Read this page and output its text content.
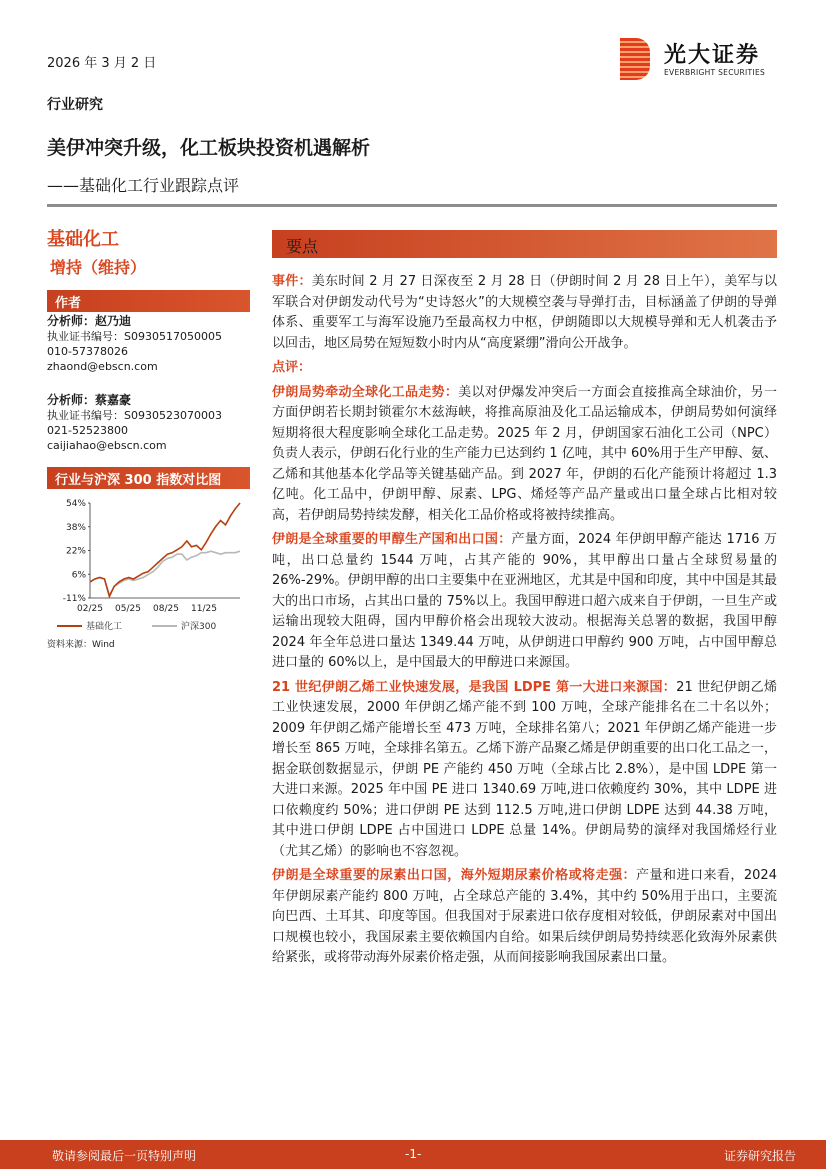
2026 年 3 月 2 日	光大证券
EVERBRIGHT SECURITIES
行业研究
美伊冲突升级，化工板块投资机遇解析
——基础化工行业跟踪点评
基础化工
增持（维持）
作者
分析师：赵乃迪
执业证书编号：S0930517050005
010-57378026
zhaond@ebscn.com
分析师：蔡嘉豪
执业证书编号：S0930523070003
021-52523800
caijiahao@ebscn.com
行业与沪深 300 指数对比图
54%
38%
22%
6%
-11%
02/25 05/25 08/25 11/25
基础化工	沪深300
资料来源：Wind
要点

事件：美东时间 2 月 27 日深夜至 2 月 28 日（伊朗时间 2 月 28 日上午），美军与以军联合对伊朗发动代号为“史诗怒火”的大规模空袭与导弹打击，目标涵盖了伊朗的导弹体系、重要军工与海军设施乃至最高权力中枢，伊朗随即以大规模导弹和无人机袭击予以回击，地区局势在短短数小时内从“高度紧绷”滑向公开战争。

点评：

伊朗局势牵动全球化工品走势：美以对伊爆发冲突后一方面会直接推高全球油价，另一方面伊朗若长期封锁霍尔木兹海峡，将推高原油及化工品运输成本，伊朗局势如何演绎短期将很大程度影响全球化工品走势。2025 年 2 月，伊朗国家石油化工公司（NPC）负责人表示，伊朗石化行业的生产能力已达到约 1 亿吨，其中 60%用于生产甲醇、氨、乙烯和其他基本化学品等关键基础产品。到 2027 年，伊朗的石化产能预计将超过 1.3 亿吨。化工品中，伊朗甲醇、尿素、LPG、烯烃等产品产量或出口量全球占比相对较高，若伊朗局势持续发酵，相关化工品价格或将被持续推高。

伊朗是全球重要的甲醇生产国和出口国：产量方面，2024 年伊朗甲醇产能达 1716 万吨，出口总量约 1544 万吨，占其产能的 90%，其甲醇出口量占全球贸易量的 26%-29%。伊朗甲醇的出口主要集中在亚洲地区，尤其是中国和印度，其中中国是其最大的出口市场，占其出口量的 75%以上。我国甲醇进口超六成来自于伊朗，一旦生产或运输出现较大阻碍，国内甲醇价格会出现较大波动。根据海关总署的数据，我国甲醇 2024 年全年总进口量达 1349.44 万吨，从伊朗进口甲醇约 900 万吨，占中国甲醇总进口量的 60%以上，是中国最大的甲醇进口来源国。

21 世纪伊朗乙烯工业快速发展，是我国 LDPE 第一大进口来源国：21 世纪伊朗乙烯工业快速发展，2000 年伊朗乙烯产能不到 100 万吨，全球产能排名在二十名以外；2009 年伊朗乙烯产能增长至 473 万吨，全球排名第八；2021 年伊朗乙烯产能进一步增长至 865 万吨，全球排名第五。乙烯下游产品聚乙烯是伊朗重要的出口化工品之一，据金联创数据显示，伊朗 PE 产能约 450 万吨（全球占比 2.8%），是中国 LDPE 第一大进口来源。2025 年中国 PE 进口 1340.69 万吨,进口依赖度约 30%，其中 LDPE 进口依赖度约 50%；进口伊朗 PE 达到 112.5 万吨,进口伊朗 LDPE 达到 44.38 万吨，其中进口伊朗 LDPE 占中国进口 LDPE 总量 14%。伊朗局势的演绎对我国烯烃行业（尤其乙烯）的影响也不容忽视。

伊朗是全球重要的尿素出口国，海外短期尿素价格或将走强：产量和进口来看，2024 年伊朗尿素产能约 800 万吨，占全球总产能的 3.4%，其中约 50%用于出口，主要流向巴西、土耳其、印度等国。但我国对于尿素进口依存度相对较低，伊朗尿素对中国出口规模也较小，我国尿素主要依赖国内自给。如果后续伊朗局势持续恶化致海外尿素供给紧张，或将带动海外尿素价格走强，从而间接影响我国尿素出口量。

敬请参阅最后一页特别声明	-1-	证券研究报告
